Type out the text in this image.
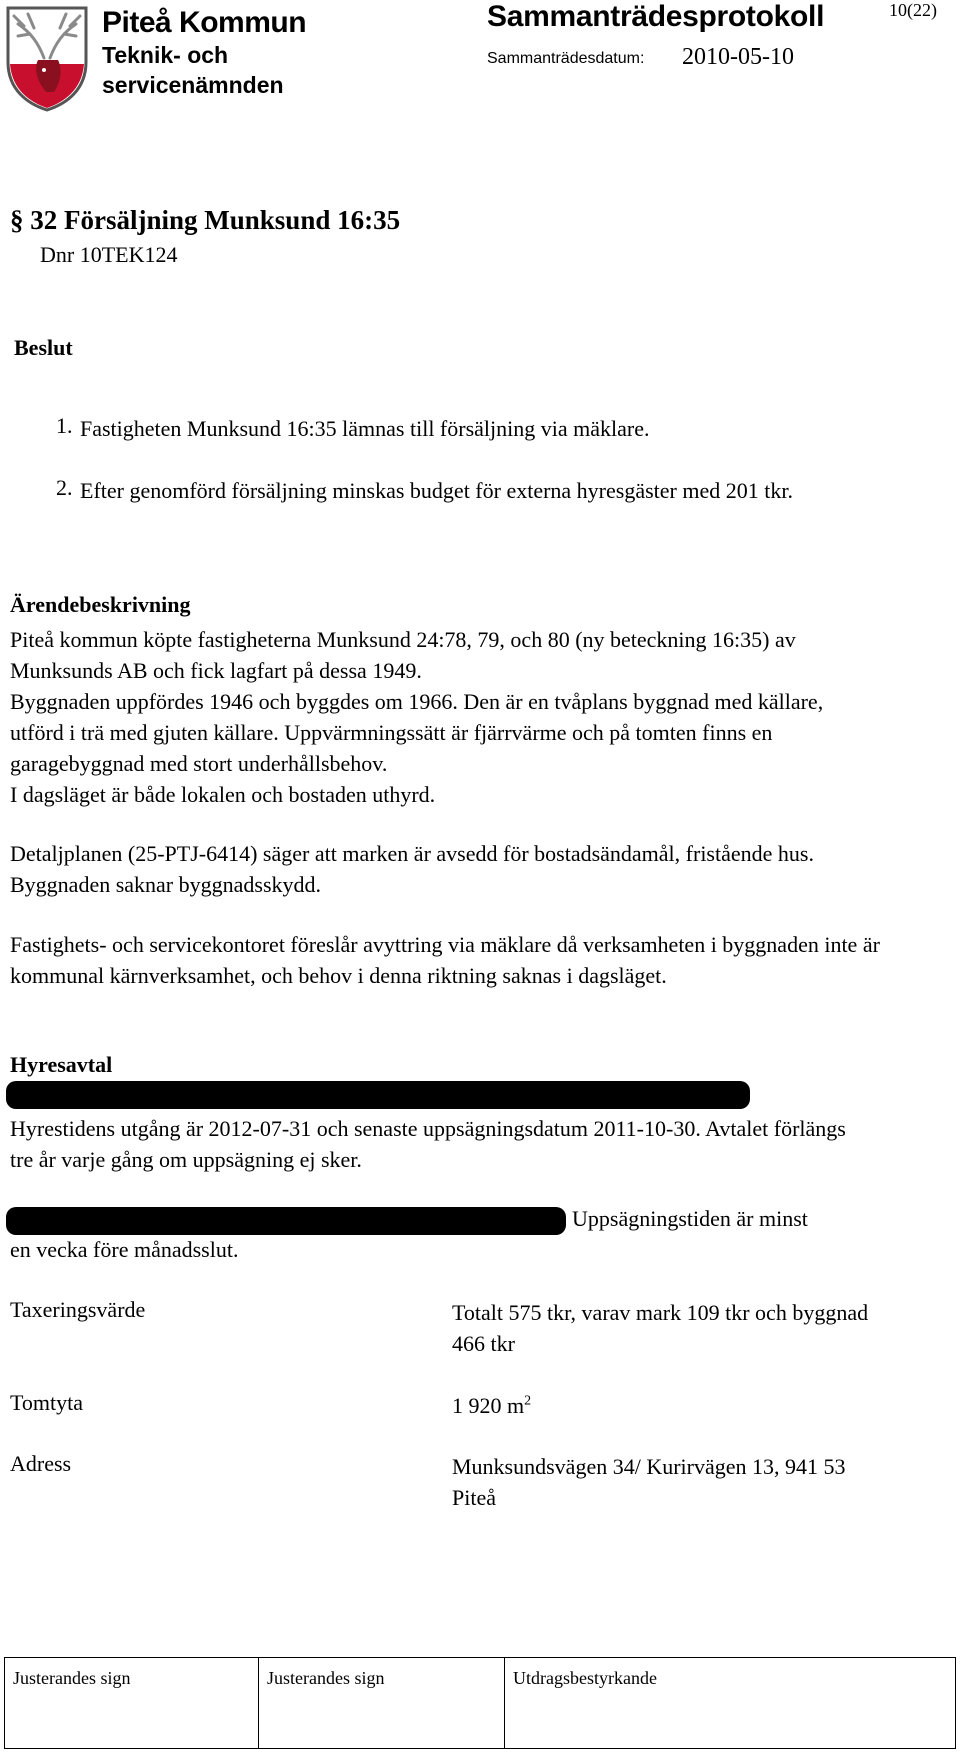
Piteå Kommun
Teknik- och servicenämnden
Sammanträdesprotokoll	10(22)
Sammanträdesdatum: 2010-05-10
§ 32 Försäljning Munksund 16:35
Dnr 10TEK124
Beslut
1. Fastigheten Munksund 16:35 lämnas till försäljning via mäklare.
2. Efter genomförd försäljning minskas budget för externa hyresgäster med 201 tkr.
Ärendebeskrivning
Piteå kommun köpte fastigheterna Munksund 24:78, 79, och 80 (ny beteckning 16:35) av Munksunds AB och fick lagfart på dessa 1949.
Byggnaden uppfördes 1946 och byggdes om 1966. Den är en tvåplans byggnad med källare, utförd i trä med gjuten källare. Uppvärmningssätt är fjärrvärme och på tomten finns en garagebyggnad med stort underhållsbehov.
I dagsläget är både lokalen och bostaden uthyrd.
Detaljplanen (25-PTJ-6414) säger att marken är avsedd för bostadsändamål, fristående hus. Byggnaden saknar byggnadsskydd.
Fastighets- och servicekontoret föreslår avyttring via mäklare då verksamheten i byggnaden inte är kommunal kärnverksamhet, och behov i denna riktning saknas i dagsläget.
Hyresavtal
Hyrestidens utgång är 2012-07-31 och senaste uppsägningsdatum 2011-10-30. Avtalet förlängs tre år varje gång om uppsägning ej sker.
Uppsägningstiden är minst
en vecka före månadsslut.
Taxeringsvärde	Totalt 575 tkr, varav mark 109 tkr och byggnad 466 tkr
Tomtyta	1 920 $m^2$
Adress	Munksundsvägen 34/ Kurirvägen 13, 941 53 Piteå
Justerandes sign	Justerandes sign	Utdragsbestyrkande
